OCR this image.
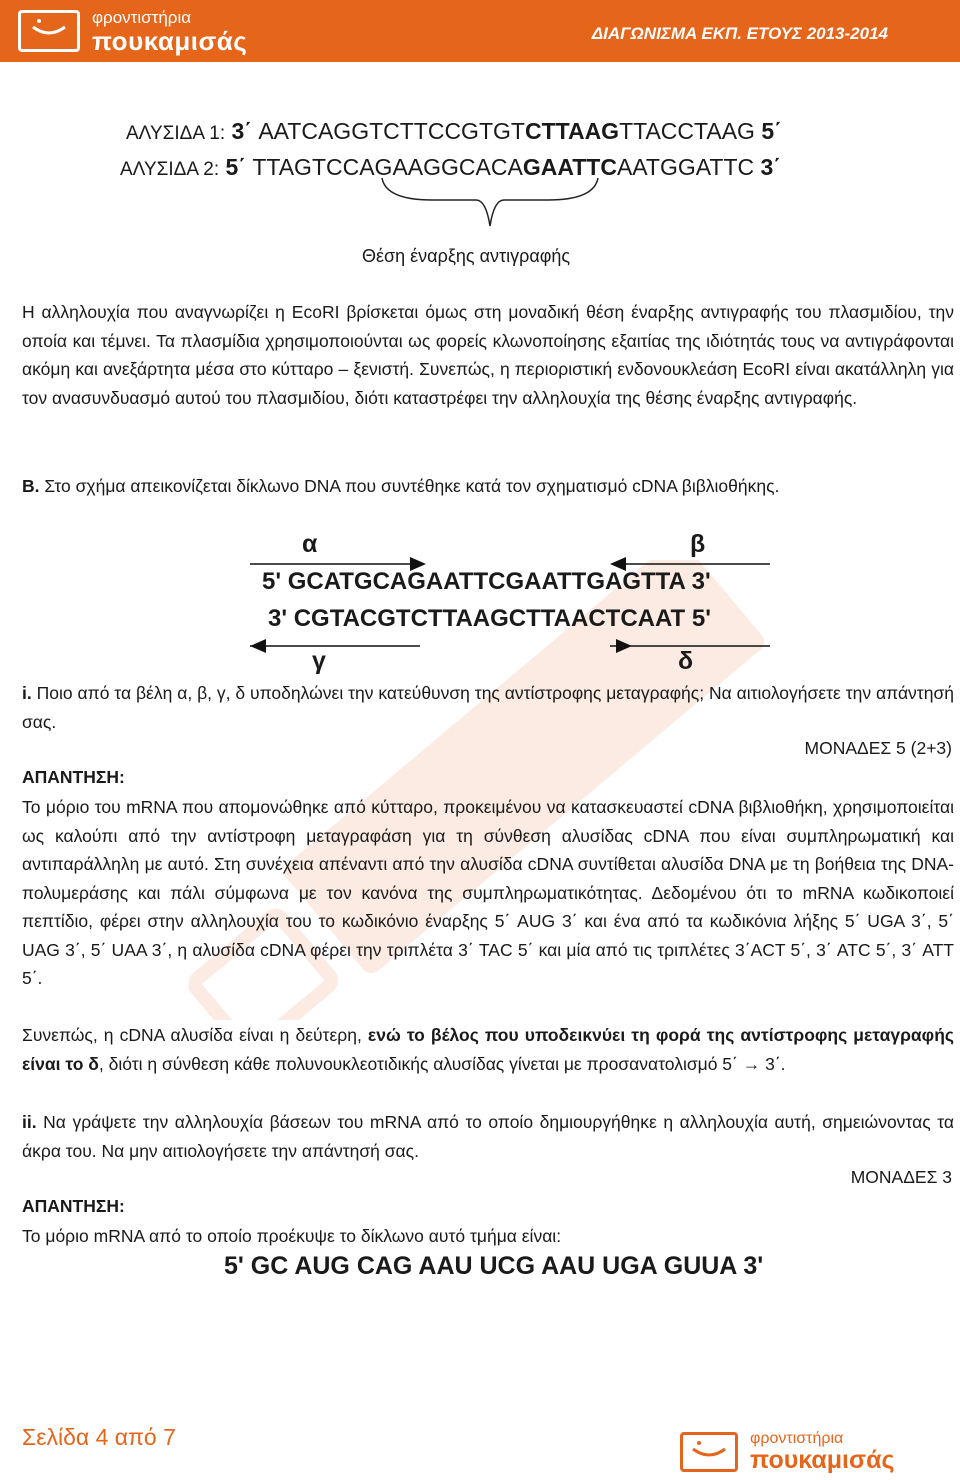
φροντιστήρια
πουκαμισάς	ΔΙΑΓΩΝΙΣΜΑ ΕΚΠ. ΕΤΟΥΣ 2013-2014
ΑΛΥΣΙΔΑ 1: 3΄ AATCAGGTCTTCCGTGTCTTAAGTTACCTAAG 5΄
ΑΛΥΣΙΔΑ 2: 5΄ TTAGTCCAGAAGGCACAGAATTCAATGGATTC 3΄
Θέση έναρξης αντιγραφής
Η αλληλουχία που αναγνωρίζει η EcoRI βρίσκεται όμως στη μοναδική θέση έναρξης αντιγραφής του πλασμιδίου, την οποία και τέμνει. Τα πλασμίδια χρησιμοποιούνται ως φορείς κλωνοποίησης εξαιτίας της ιδιότητάς τους να αντιγράφονται ακόμη και ανεξάρτητα μέσα στο κύτταρο – ξενιστή. Συνεπώς, η περιοριστική ενδονουκλεάση EcoRI είναι ακατάλληλη για τον ανασυνδυασμό αυτού του πλασμιδίου, διότι καταστρέφει την αλληλουχία της θέσης έναρξης αντιγραφής.
Β. Στο σχήμα απεικονίζεται δίκλωνο DNA που συντέθηκε κατά τον σχηματισμό cDNA βιβλιοθήκης.
α	β
5' GCATGCAGAATTCGAATTGAGTTA 3'
3' CGTACGTCTTAAGCTTAACTCAAT 5'
γ	δ
i. Ποιο από τα βέλη α, β, γ, δ υποδηλώνει την κατεύθυνση της αντίστροφης μεταγραφής; Να αιτιολογήσετε την απάντησή σας.
ΜΟΝΑΔΕΣ 5 (2+3)
ΑΠΑΝΤΗΣΗ:
Το μόριο του mRNA που απομονώθηκε από κύτταρο, προκειμένου να κατασκευαστεί cDNA βιβλιοθήκη, χρησιμοποιείται ως καλούπι από την αντίστροφη μεταγραφάση για τη σύνθεση αλυσίδας cDNA που είναι συμπληρωματική και αντιπαράλληλη με αυτό. Στη συνέχεια απέναντι από την αλυσίδα cDNA συντίθεται αλυσίδα DNA με τη βοήθεια της DNA- πολυμεράσης και πάλι σύμφωνα με τον κανόνα της συμπληρωματικότητας. Δεδομένου ότι το mRNA κωδικοποιεί πεπτίδιο, φέρει στην αλληλουχία του το κωδικόνιο έναρξης 5΄ AUG 3΄ και ένα από τα κωδικόνια λήξης 5΄ UGA 3΄, 5΄ UAG 3΄, 5΄ UAA 3΄, η αλυσίδα cDNA φέρει την τριπλέτα 3΄ TAC 5΄ και μία από τις τριπλέτες 3΄ACT 5΄, 3΄ ATC 5΄, 3΄ ATT 5΄.
Συνεπώς, η cDNA αλυσίδα είναι η δεύτερη, ενώ το βέλος που υποδεικνύει τη φορά της αντίστροφης μεταγραφής είναι το δ, διότι η σύνθεση κάθε πολυνουκλεοτιδικής αλυσίδας γίνεται με προσανατολισμό 5΄ → 3΄.
ii. Να γράψετε την αλληλουχία βάσεων του mRNA από το οποίο δημιουργήθηκε η αλληλουχία αυτή, σημειώνοντας τα άκρα του. Να μην αιτιολογήσετε την απάντησή σας.
ΜΟΝΑΔΕΣ 3
ΑΠΑΝΤΗΣΗ:
Το μόριο mRNA από το οποίο προέκυψε το δίκλωνο αυτό τμήμα είναι:
5' GC AUG CAG AAU UCG AAU UGA GUUA 3'
Σελίδα 4 από 7	φροντιστήρια
πουκαμισάς
